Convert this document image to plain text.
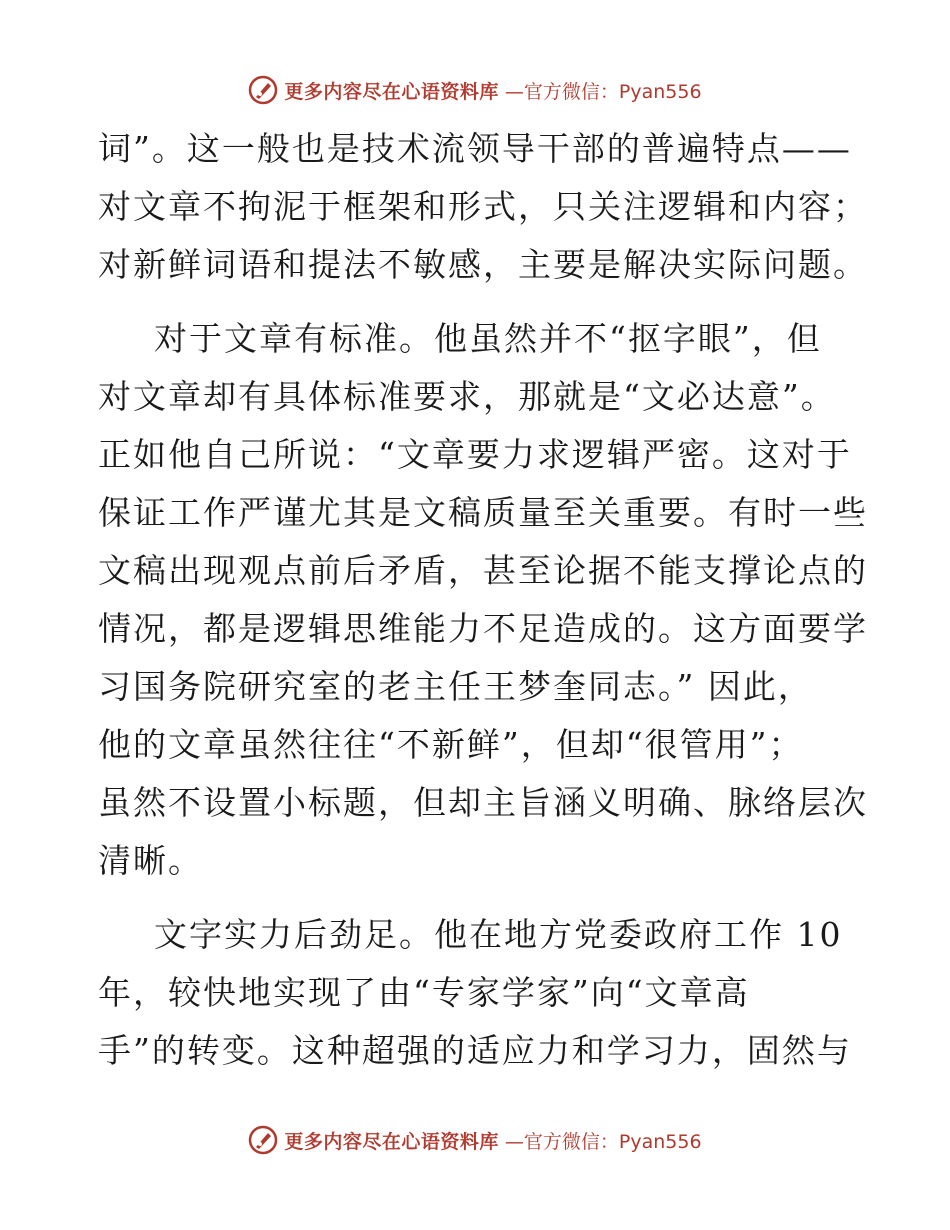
更多内容尽在心语资料库 —官方微信：Pyan556
词”。这一般也是技术流领导干部的普遍特点——
对文章不拘泥于框架和形式，只关注逻辑和内容；
对新鲜词语和提法不敏感，主要是解决实际问题。
对于文章有标准。他虽然并不“抠字眼”，但
对文章却有具体标准要求，那就是“文必达意”。
正如他自己所说：“文章要力求逻辑严密。这对于
保证工作严谨尤其是文稿质量至关重要。有时一些
文稿出现观点前后矛盾，甚至论据不能支撑论点的
情况，都是逻辑思维能力不足造成的。这方面要学
习国务院研究室的老主任王梦奎同志。” 因此，
他的文章虽然往往“不新鲜”，但却“很管用”；
虽然不设置小标题，但却主旨涵义明确、脉络层次
清晰。
文字实力后劲足。他在地方党委政府工作 10
年，较快地实现了由“专家学家”向“文章高
手”的转变。这种超强的适应力和学习力，固然与
更多内容尽在心语资料库 —官方微信：Pyan556
